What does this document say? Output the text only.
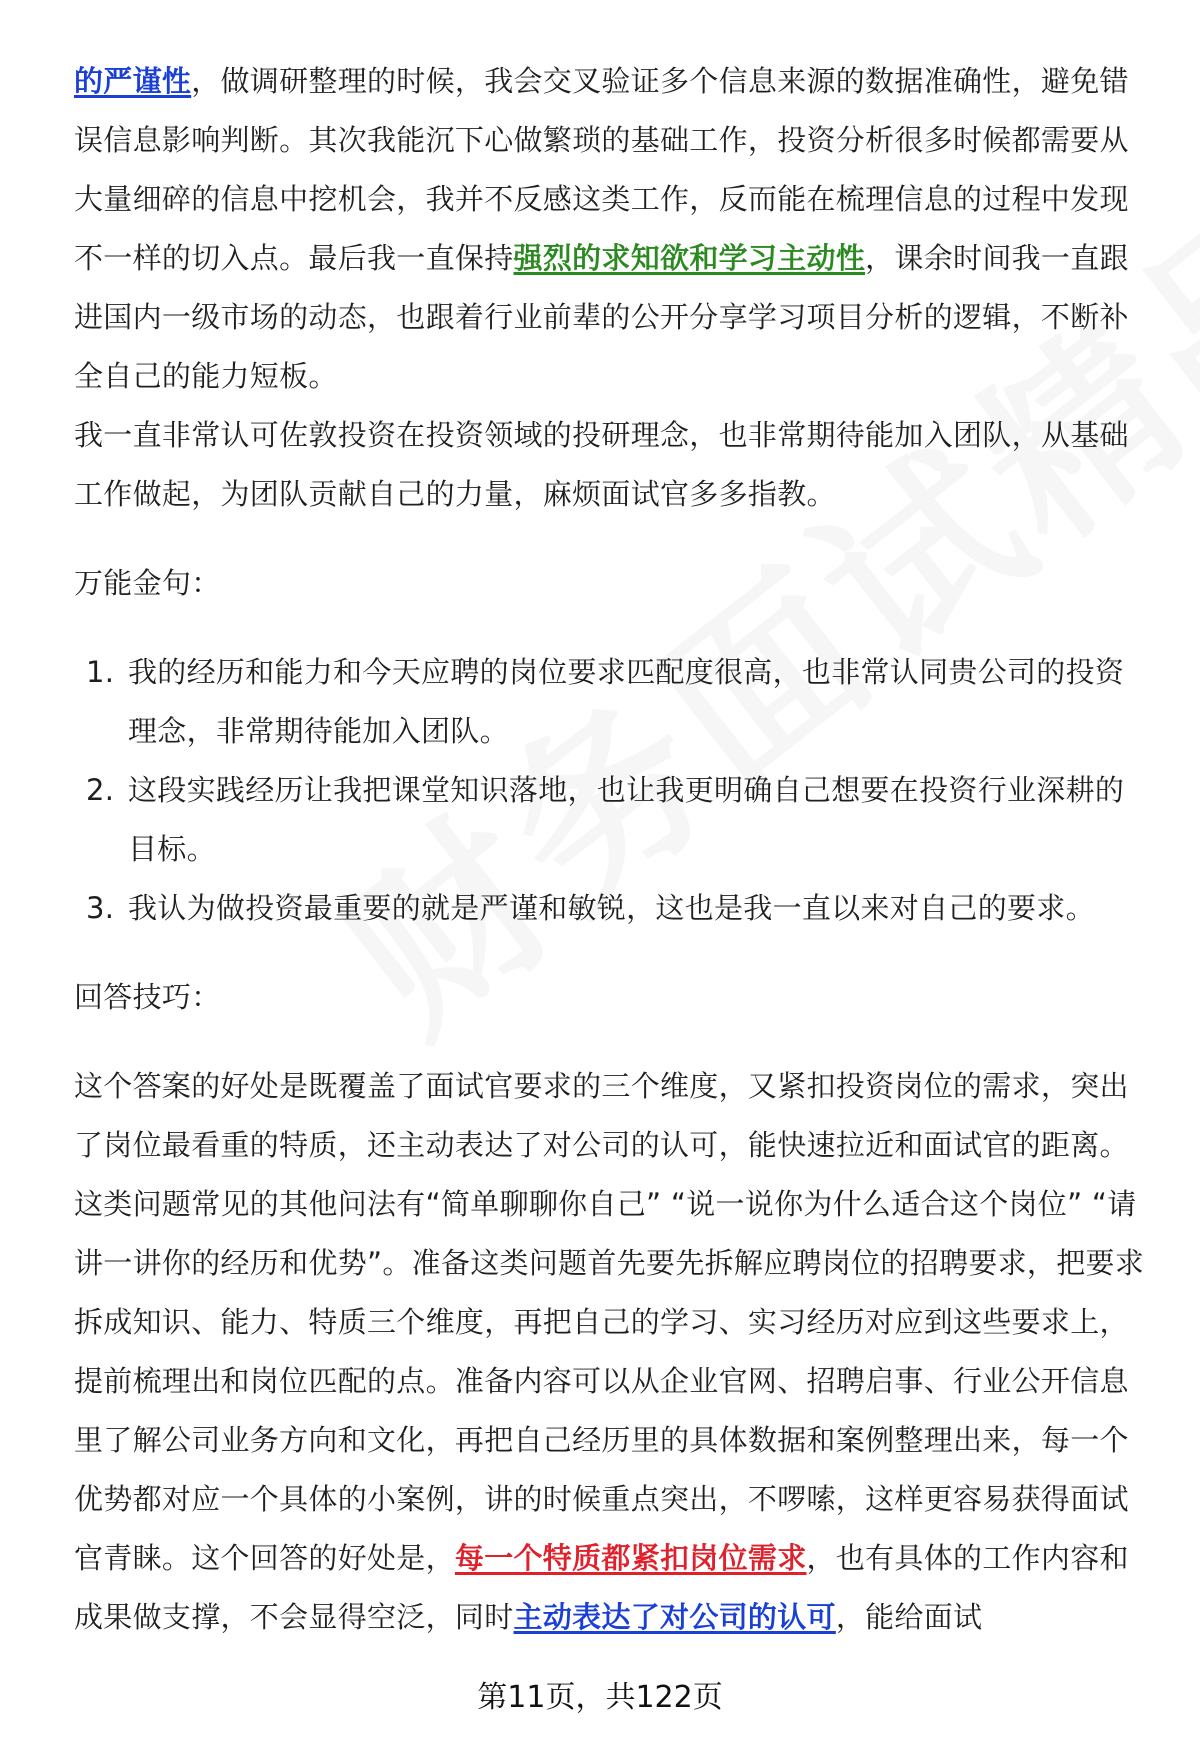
的严谨性，做调研整理的时候，我会交叉验证多个信息来源的数据准确性，避免错误信息影响判断。其次我能沉下心做繁琐的基础工作，投资分析很多时候都需要从大量细碎的信息中挖机会，我并不反感这类工作，反而能在梳理信息的过程中发现不一样的切入点。最后我一直保持强烈的求知欲和学习主动性，课余时间我一直跟进国内一级市场的动态，也跟着行业前辈的公开分享学习项目分析的逻辑，不断补全自己的能力短板。

我一直非常认可佐敦投资在投资领域的投研理念，也非常期待能加入团队，从基础工作做起，为团队贡献自己的力量，麻烦面试官多多指教。

万能金句：

1. 我的经历和能力和今天应聘的岗位要求匹配度很高，也非常认同贵公司的投资理念，非常期待能加入团队。
2. 这段实践经历让我把课堂知识落地，也让我更明确自己想要在投资行业深耕的目标。
3. 我认为做投资最重要的就是严谨和敏锐，这也是我一直以来对自己的要求。

回答技巧：

这个答案的好处是既覆盖了面试官要求的三个维度，又紧扣投资岗位的需求，突出了岗位最看重的特质，还主动表达了对公司的认可，能快速拉近和面试官的距离。这类问题常见的其他问法有“简单聊聊你自己” “说一说你为什么适合这个岗位” “请讲一讲你的经历和优势”。准备这类问题首先要先拆解应聘岗位的招聘要求，把要求拆成知识、能力、特质三个维度，再把自己的学习、实习经历对应到这些要求上，提前梳理出和岗位匹配的点。准备内容可以从企业官网、招聘启事、行业公开信息里了解公司业务方向和文化，再把自己经历里的具体数据和案例整理出来，每一个优势都对应一个具体的小案例，讲的时候重点突出，不啰嗦，这样更容易获得面试官青睐。这个回答的好处是，每一个特质都紧扣岗位需求，也有具体的工作内容和成果做支撑，不会显得空泛，同时主动表达了对公司的认可，能给面试

第11页，共122页
